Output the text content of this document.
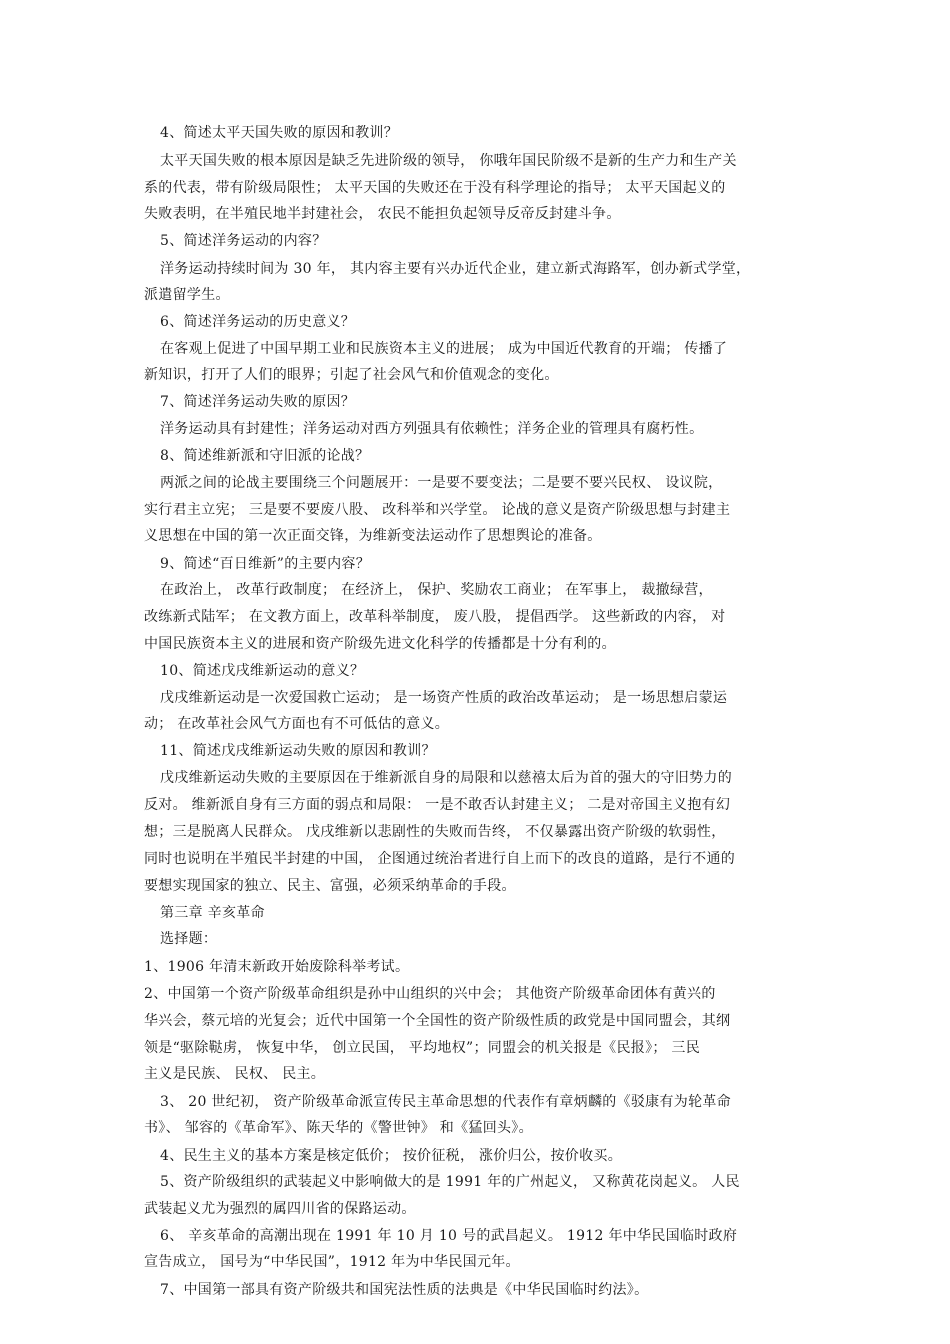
4、简述太平天国失败的原因和教训？
太平天国失败的根本原因是缺乏先进阶级的领导， 你哦年国民阶级不是新的生产力和生产关
系的代表，带有阶级局限性； 太平天国的失败还在于没有科学理论的指导； 太平天国起义的
失败表明，在半殖民地半封建社会， 农民不能担负起领导反帝反封建斗争。
5、简述洋务运动的内容？
洋务运动持续时间为 30 年， 其内容主要有兴办近代企业，建立新式海路军，创办新式学堂，
派遣留学生。
6、简述洋务运动的历史意义？
在客观上促进了中国早期工业和民族资本主义的进展； 成为中国近代教育的开端； 传播了
新知识，打开了人们的眼界；引起了社会风气和价值观念的变化。
7、简述洋务运动失败的原因？
洋务运动具有封建性；洋务运动对西方列强具有依赖性；洋务企业的管理具有腐朽性。
8、简述维新派和守旧派的论战？
两派之间的论战主要围绕三个问题展开：一是要不要变法；二是要不要兴民权、 设议院，
实行君主立宪； 三是要不要废八股、 改科举和兴学堂。 论战的意义是资产阶级思想与封建主
义思想在中国的第一次正面交锋，为维新变法运动作了思想舆论的准备。
9、简述“百日维新”的主要内容？
在政治上， 改革行政制度； 在经济上， 保护、奖励农工商业； 在军事上， 裁撤绿营，
改练新式陆军； 在文教方面上，改革科举制度， 废八股， 提倡西学。 这些新政的内容， 对
中国民族资本主义的进展和资产阶级先进文化科学的传播都是十分有利的。
10、简述戊戌维新运动的意义？
戊戌维新运动是一次爱国救亡运动； 是一场资产性质的政治改革运动； 是一场思想启蒙运
动； 在改革社会风气方面也有不可低估的意义。
11、简述戊戌维新运动失败的原因和教训？
戊戌维新运动失败的主要原因在于维新派自身的局限和以慈禧太后为首的强大的守旧势力的
反对。 维新派自身有三方面的弱点和局限： 一是不敢否认封建主义； 二是对帝国主义抱有幻
想；三是脱离人民群众。 戊戌维新以悲剧性的失败而告终， 不仅暴露出资产阶级的软弱性，
同时也说明在半殖民半封建的中国， 企图通过统治者进行自上而下的改良的道路，是行不通的
要想实现国家的独立、民主、富强，必须采纳革命的手段。
第三章 辛亥革命
选择题：
1、1906 年清末新政开始废除科举考试。
2、中国第一个资产阶级革命组织是孙中山组织的兴中会； 其他资产阶级革命团体有黄兴的
华兴会，蔡元培的光复会；近代中国第一个全国性的资产阶级性质的政党是中国同盟会，其纲
领是“驱除鞑虏， 恢复中华， 创立民国， 平均地权”；同盟会的机关报是《民报》； 三民
主义是民族、 民权、 民主。
3、 20 世纪初， 资产阶级革命派宣传民主革命思想的代表作有章炳麟的《驳康有为轮革命
书》、 邹容的《革命军》、陈天华的《警世钟》 和《猛回头》。
4、民生主义的基本方案是核定低价； 按价征税， 涨价归公，按价收买。
5、资产阶级组织的武装起义中影响做大的是 1991 年的广州起义， 又称黄花岗起义。 人民
武装起义尤为强烈的属四川省的保路运动。
6、 辛亥革命的高潮出现在 1991 年 10 月 10 号的武昌起义。 1912 年中华民国临时政府
宣告成立， 国号为“中华民国”，1912 年为中华民国元年。
7、中国第一部具有资产阶级共和国宪法性质的法典是《中华民国临时约法》。
